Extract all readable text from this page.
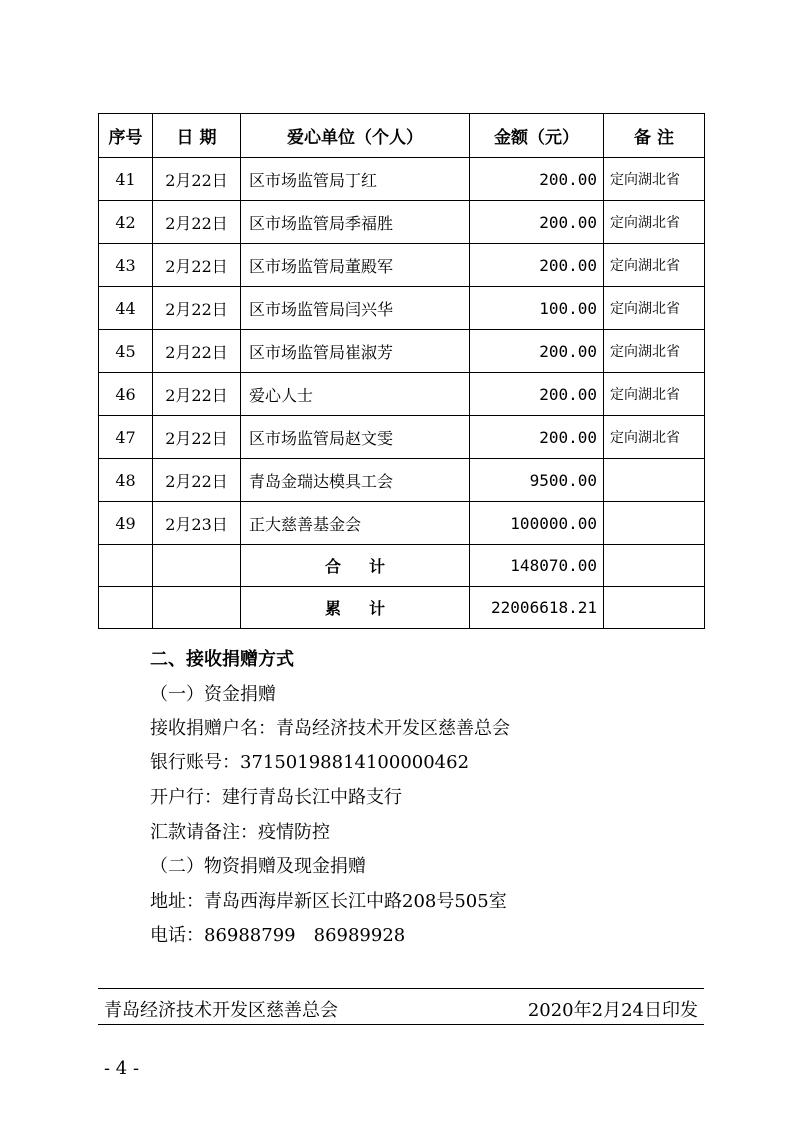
序号	日 期	爱心单位（个人）	金额（元）	备 注
41	2月22日	区市场监管局丁红	200.00	定向湖北省
42	2月22日	区市场监管局季福胜	200.00	定向湖北省
43	2月22日	区市场监管局董殿军	200.00	定向湖北省
44	2月22日	区市场监管局闫兴华	100.00	定向湖北省
45	2月22日	区市场监管局崔淑芳	200.00	定向湖北省
46	2月22日	爱心人士	200.00	定向湖北省
47	2月22日	区市场监管局赵文雯	200.00	定向湖北省
48	2月22日	青岛金瑞达模具工会	9500.00	
49	2月23日	正大慈善基金会	100000.00	
		合计	148070.00	
		累计	22006618.21	
二、接收捐赠方式
（一）资金捐赠
接收捐赠户名：青岛经济技术开发区慈善总会
银行账号：37150198814100000462
开户行：建行青岛长江中路支行
汇款请备注：疫情防控
（二）物资捐赠及现金捐赠
地址：青岛西海岸新区长江中路208号505室
电话：86988799　86989928
青岛经济技术开发区慈善总会	2020年2月24日印发
- 4 -
